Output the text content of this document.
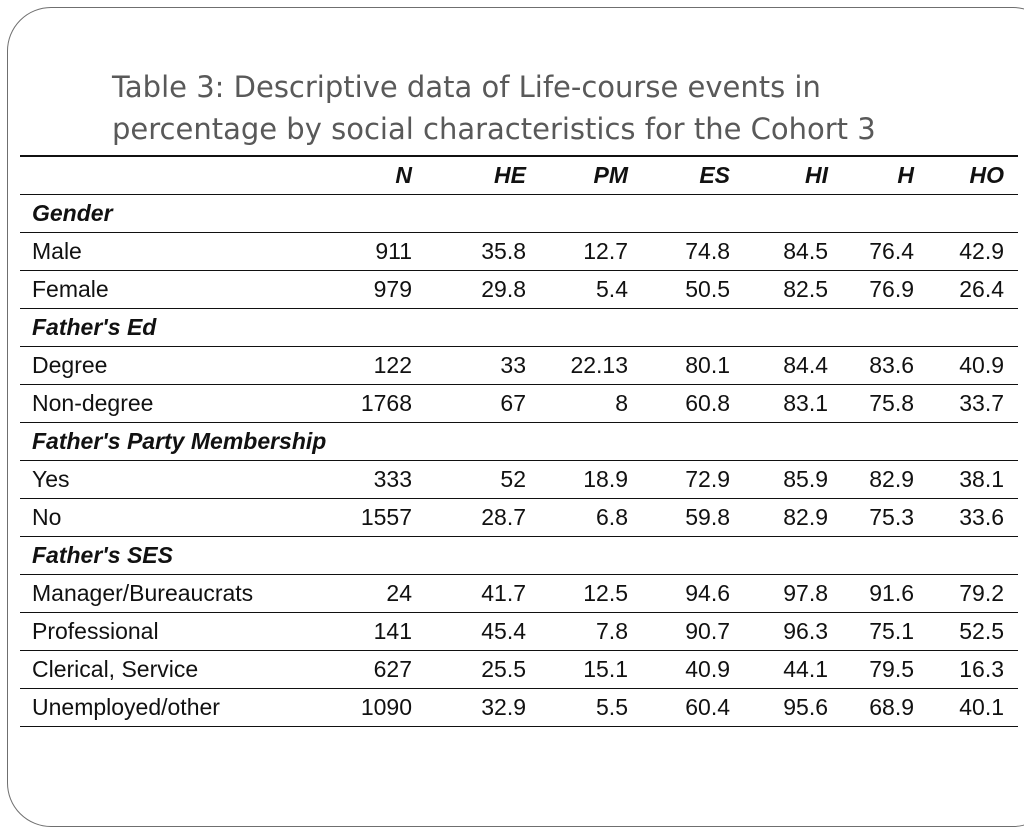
Table 3: Descriptive data of Life-course events in
percentage by social characteristics for the Cohort 3
	N	HE	PM	ES	HI	H	HO
Gender							
Male	911	35.8	12.7	74.8	84.5	76.4	42.9
Female	979	29.8	5.4	50.5	82.5	76.9	26.4
Father's Ed							
Degree	122	33	22.13	80.1	84.4	83.6	40.9
Non-degree	1768	67	8	60.8	83.1	75.8	33.7
Father's Party Membership							
Yes	333	52	18.9	72.9	85.9	82.9	38.1
No	1557	28.7	6.8	59.8	82.9	75.3	33.6
Father's SES							
Manager/Bureaucrats	24	41.7	12.5	94.6	97.8	91.6	79.2
Professional	141	45.4	7.8	90.7	96.3	75.1	52.5
Clerical, Service	627	25.5	15.1	40.9	44.1	79.5	16.3
Unemployed/other	1090	32.9	5.5	60.4	95.6	68.9	40.1
